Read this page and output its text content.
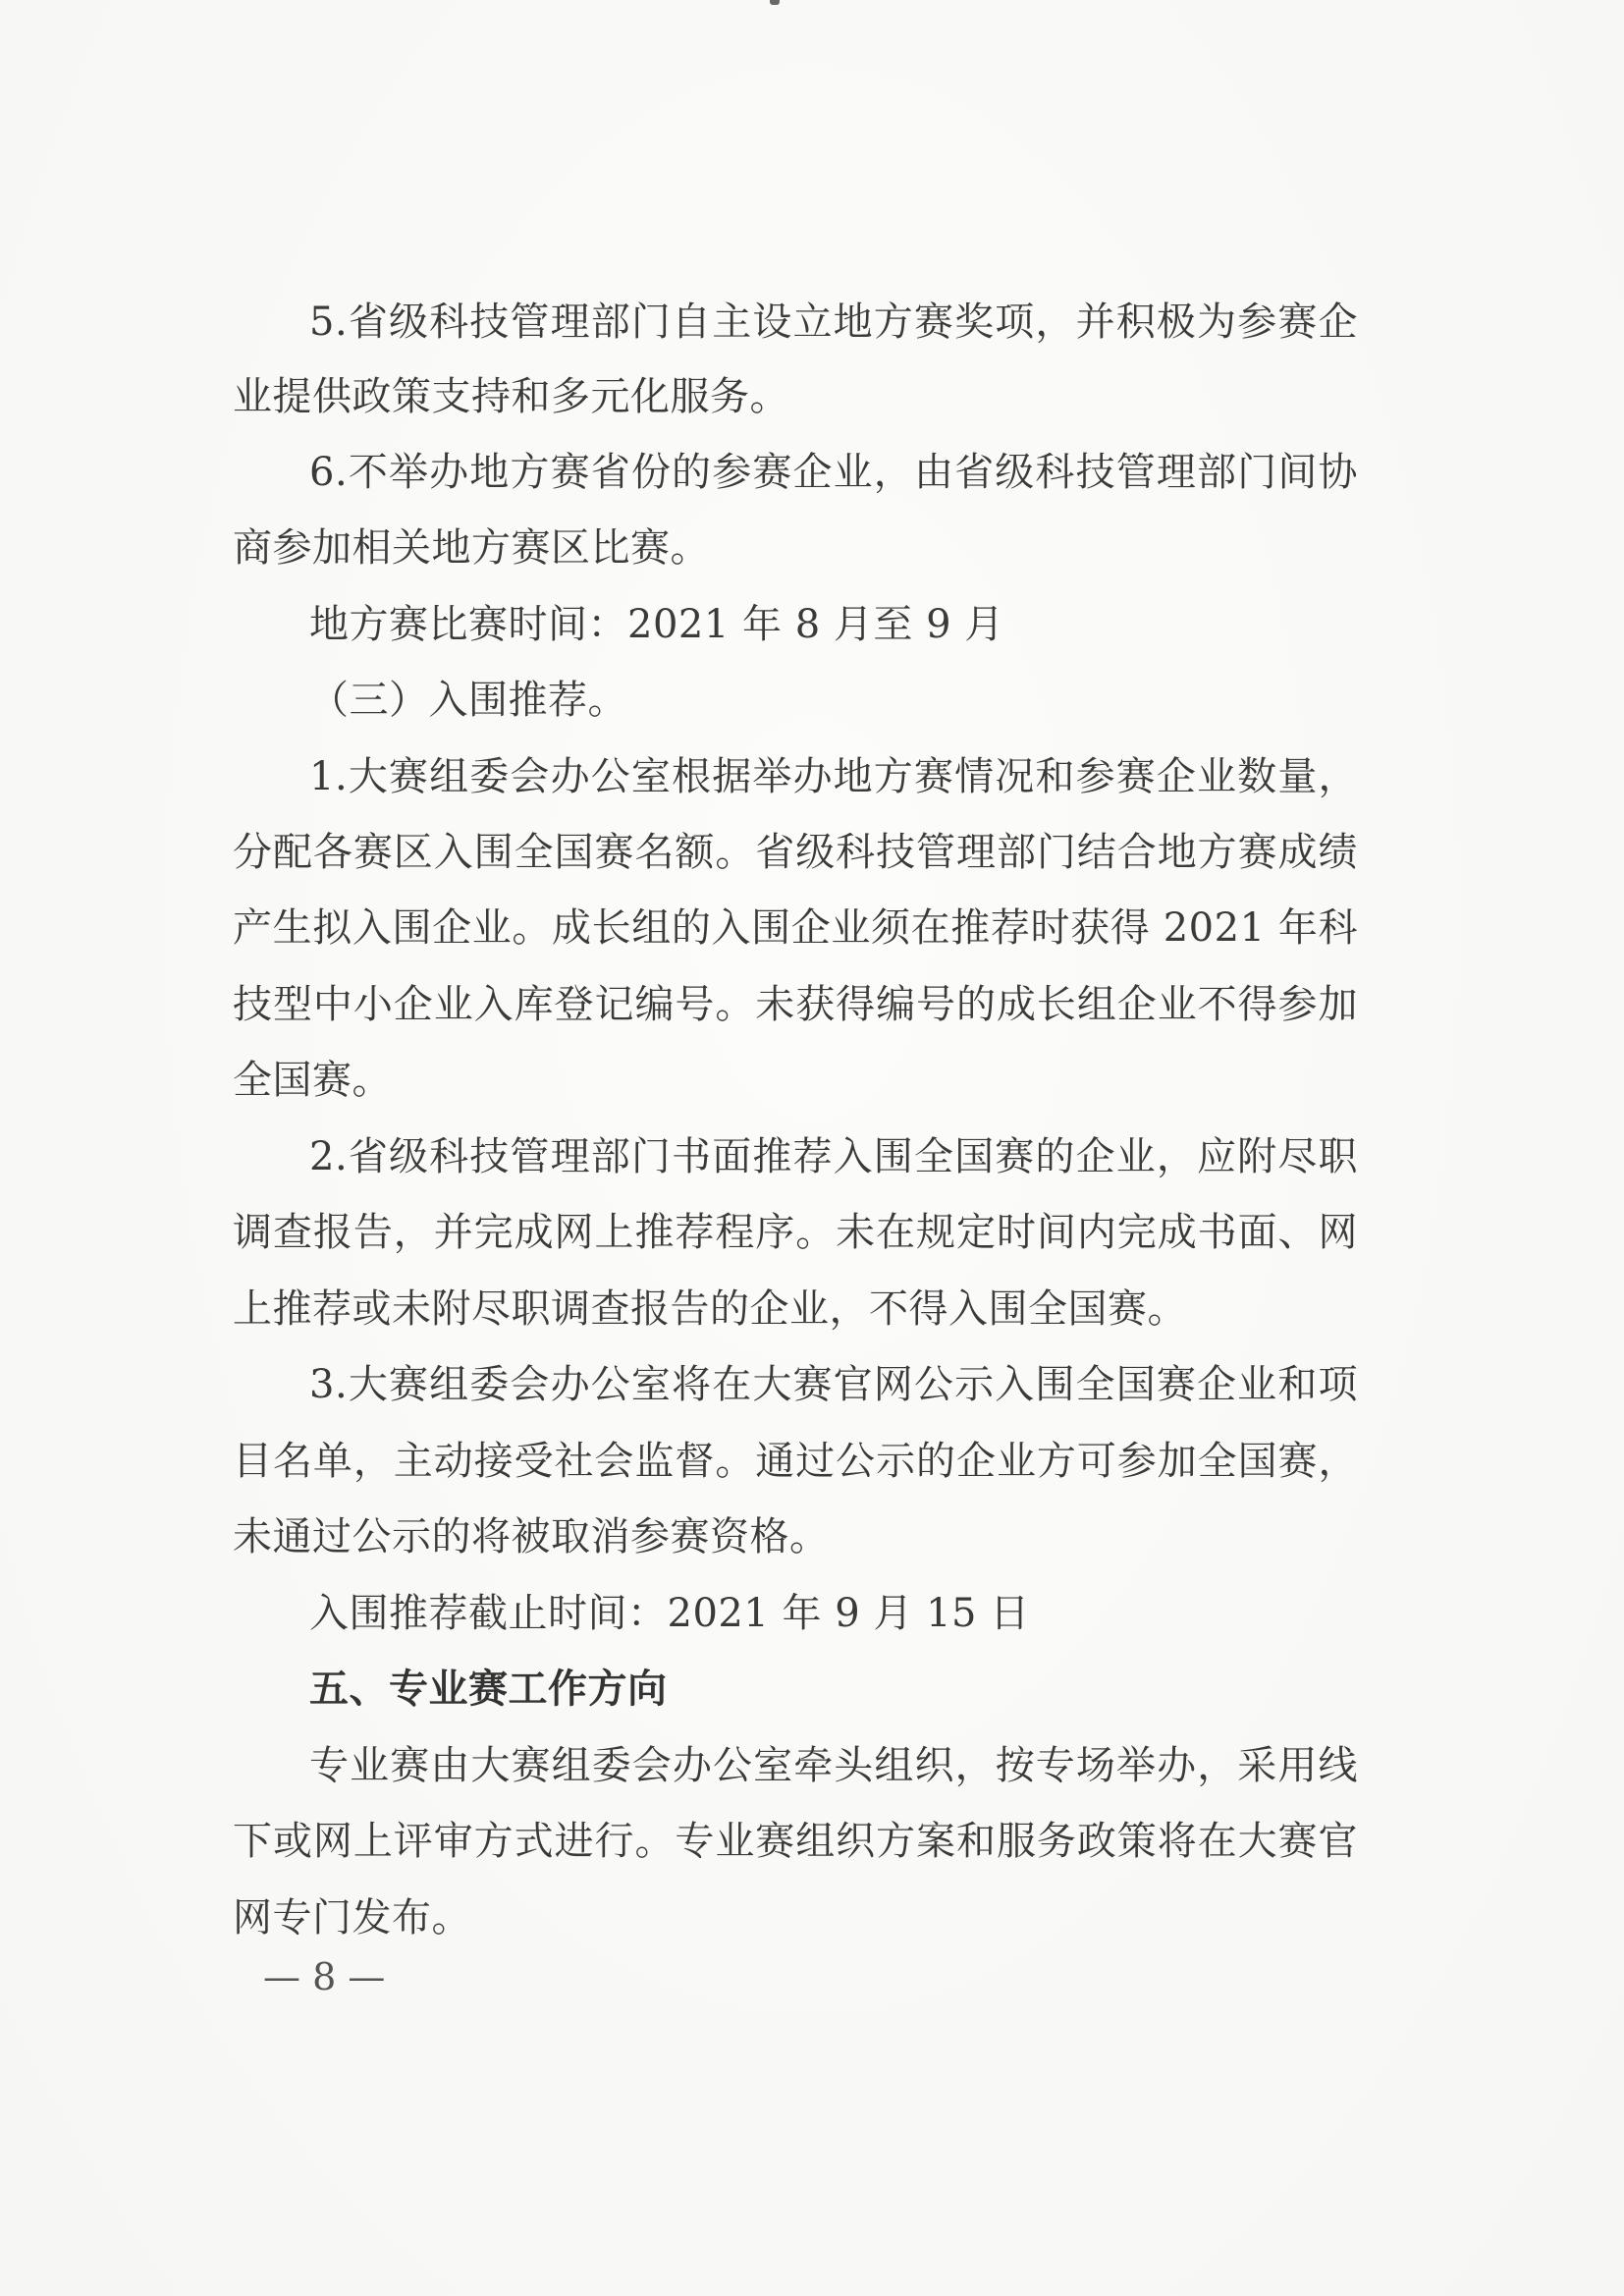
5.省级科技管理部门自主设立地方赛奖项，并积极为参赛企
业提供政策支持和多元化服务。
6.不举办地方赛省份的参赛企业，由省级科技管理部门间协
商参加相关地方赛区比赛。
地方赛比赛时间：2021 年 8 月至 9 月
（三）入围推荐。
1.大赛组委会办公室根据举办地方赛情况和参赛企业数量，
分配各赛区入围全国赛名额。省级科技管理部门结合地方赛成绩
产生拟入围企业。成长组的入围企业须在推荐时获得 2021 年科
技型中小企业入库登记编号。未获得编号的成长组企业不得参加
全国赛。
2.省级科技管理部门书面推荐入围全国赛的企业，应附尽职
调查报告，并完成网上推荐程序。未在规定时间内完成书面、网
上推荐或未附尽职调查报告的企业，不得入围全国赛。
3.大赛组委会办公室将在大赛官网公示入围全国赛企业和项
目名单，主动接受社会监督。通过公示的企业方可参加全国赛，
未通过公示的将被取消参赛资格。
入围推荐截止时间：2021 年 9 月 15 日
五、专业赛工作方向
专业赛由大赛组委会办公室牵头组织，按专场举办，采用线
下或网上评审方式进行。专业赛组织方案和服务政策将在大赛官
网专门发布。
— 8 —
